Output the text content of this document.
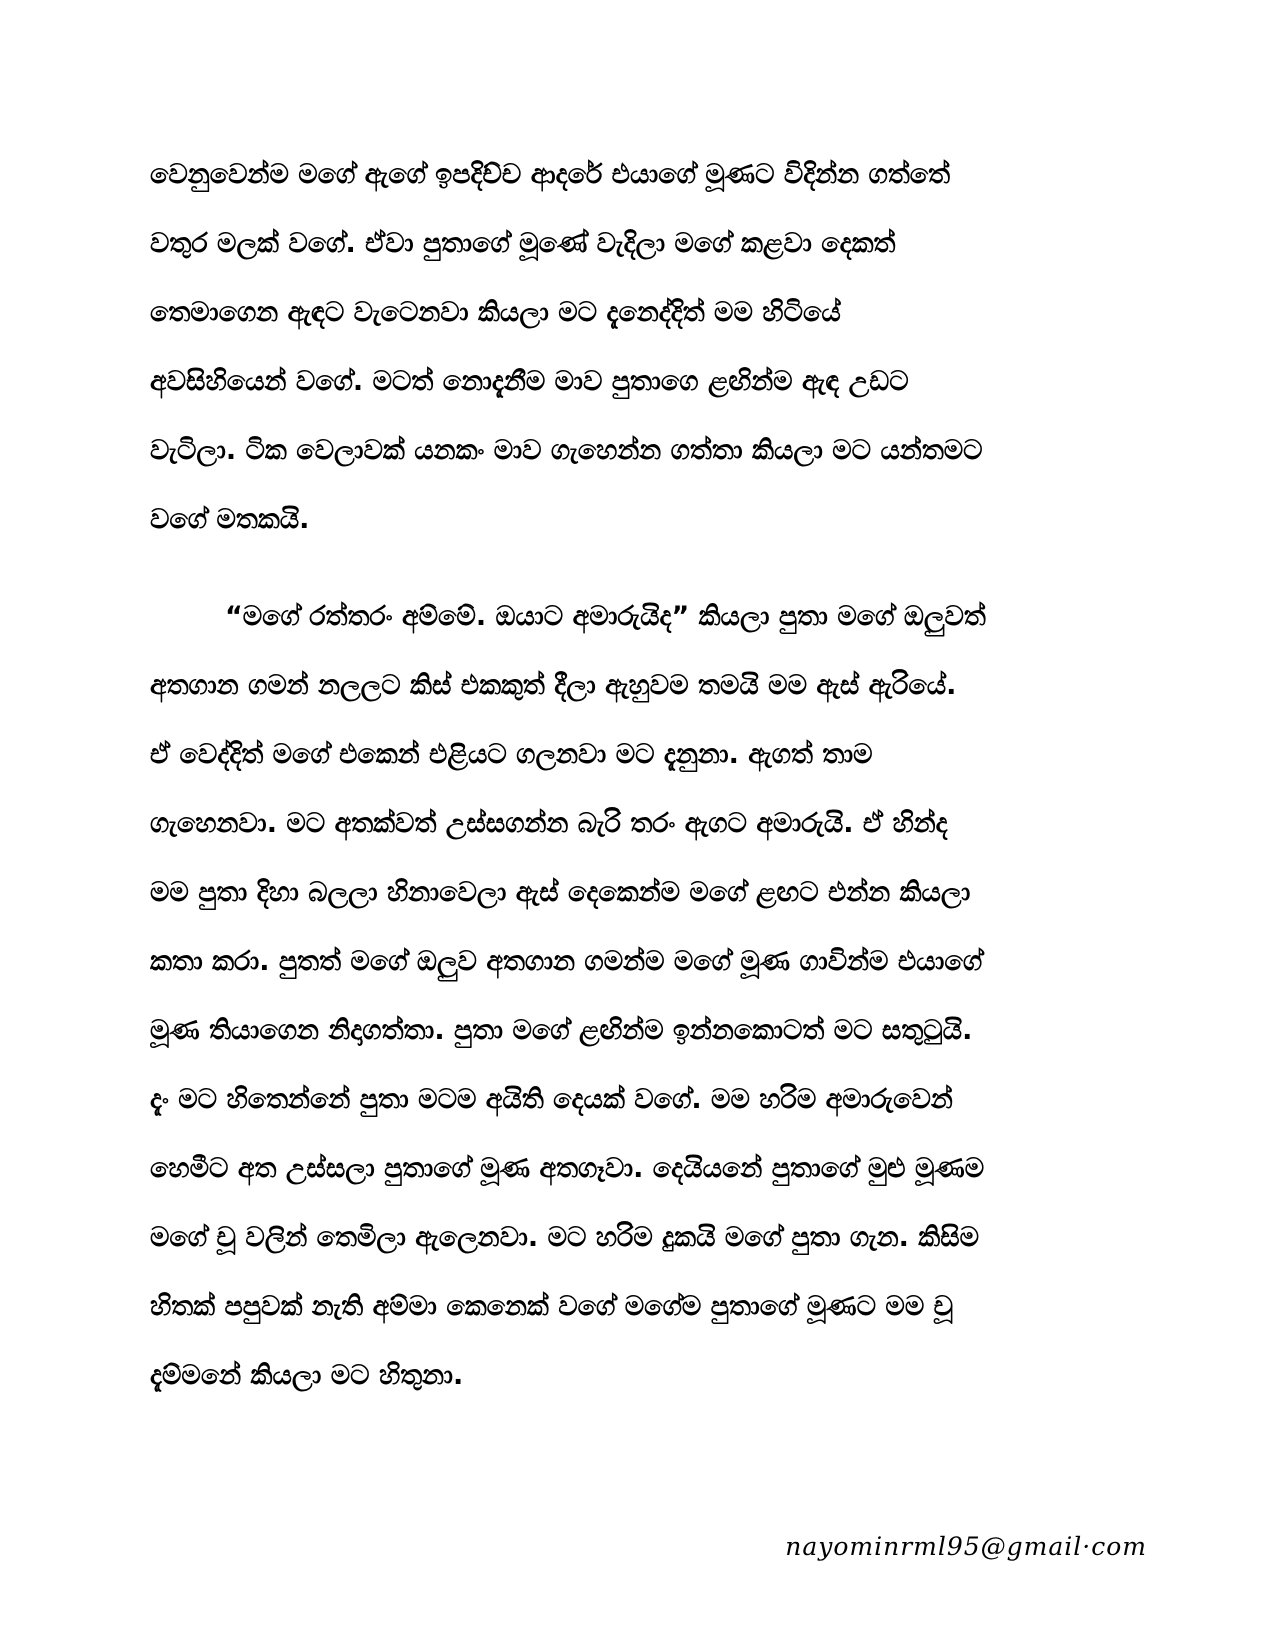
වෙනුවෙන්ම මගේ ඇගේ ඉපදිච්ච ආදරේ එයාගේ මූණට විදින්න ගත්තේ
වතුර මලක් වගේ. ඒවා පුතාගේ මූණේ වැදිලා මගේ කළවා දෙකත්
තෙමාගෙන ඇඳට වැටෙනවා කියලා මට දැනෙද්දිත් මම හිටියේ
අවසිහියෙන් වගේ. මටත් නොදැනීම මාව පුතාගෙ ළඟින්ම ඇඳ උඩට
වැටිලා. ටික වෙලාවක් යනකං මාව ගැහෙන්න ගත්තා කියලා මට යන්තමට
වගේ මතකයි.
“මගේ රත්තරං අම්මේ. ඔයාට අමාරුයිද” කියලා පුතා මගේ ඔලුවත්
අතගාන ගමන් නලලට කිස් එකකුත් දීලා ඇහුවම තමයි මම ඇස් ඇරියේ.
ඒ වෙද්දිත් මගේ එකෙන් එළියට ගලනවා මට දැනුනා. ඇගත් තාම
ගැහෙනවා. මට අතක්වත් උස්සගන්න බැරි තරං ඇගට අමාරුයි. ඒ හින්ද
මම පුතා දිහා බලලා හිනාවෙලා ඇස් දෙකෙන්ම මගේ ළඟට එන්න කියලා
කතා කරා. පුතත් මගේ ඔලුව අතගාන ගමන්ම මගේ මූණ ගාවින්ම එයාගේ
මූණ තියාගෙන නිදාගත්තා. පුතා මගේ ළඟින්ම ඉන්නකොටත් මට සතුටුයි.
දැං මට හිතෙන්නේ පුතා මටම අයිති දෙයක් වගේ. මම හරිම අමාරුවෙන්
හෙමීට අත උස්සලා පුතාගේ මූණ අතගෑවා. දෙයියනේ පුතාගේ මුළු මූණම
මගේ චූ වලින් තෙමිලා ඇලෙනවා. මට හරිම දුකයි මගේ පුතා ගැන. කිසිම
හිතක් පපුවක් නැති අම්මා කෙනෙක් වගේ මගේම පුතාගේ මූණට මම චූ
දැම්මනේ කියලා මට හිතුනා.
nayominrml95@gmail·com
